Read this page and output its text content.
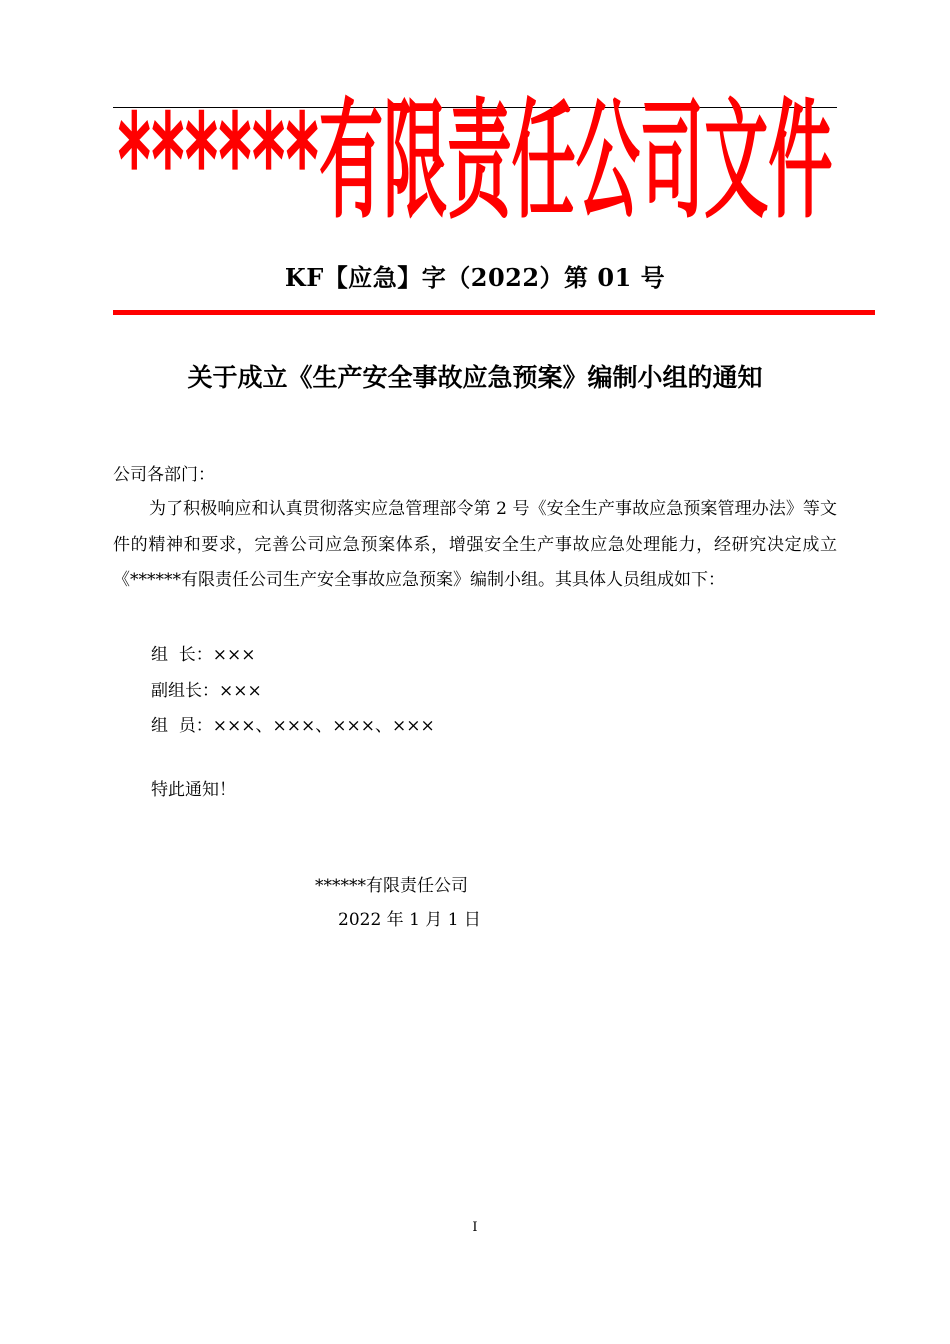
******有限责任公司文件
KF【应急】字（2022）第 01 号
关于成立《生产安全事故应急预案》编制小组的通知

公司各部门：

为了积极响应和认真贯彻落实应急管理部令第 2 号《安全生产事故应急预案管理办法》等文件的精神和要求，完善公司应急预案体系，增强安全生产事故应急处理能力，经研究决定成立《******有限责任公司生产安全事故应急预案》编制小组。其具体人员组成如下：

组  长：×××
副组长：×××
组  员：×××、×××、×××、×××
特此通知！
******有限责任公司
2022 年 1 月 1 日
I
